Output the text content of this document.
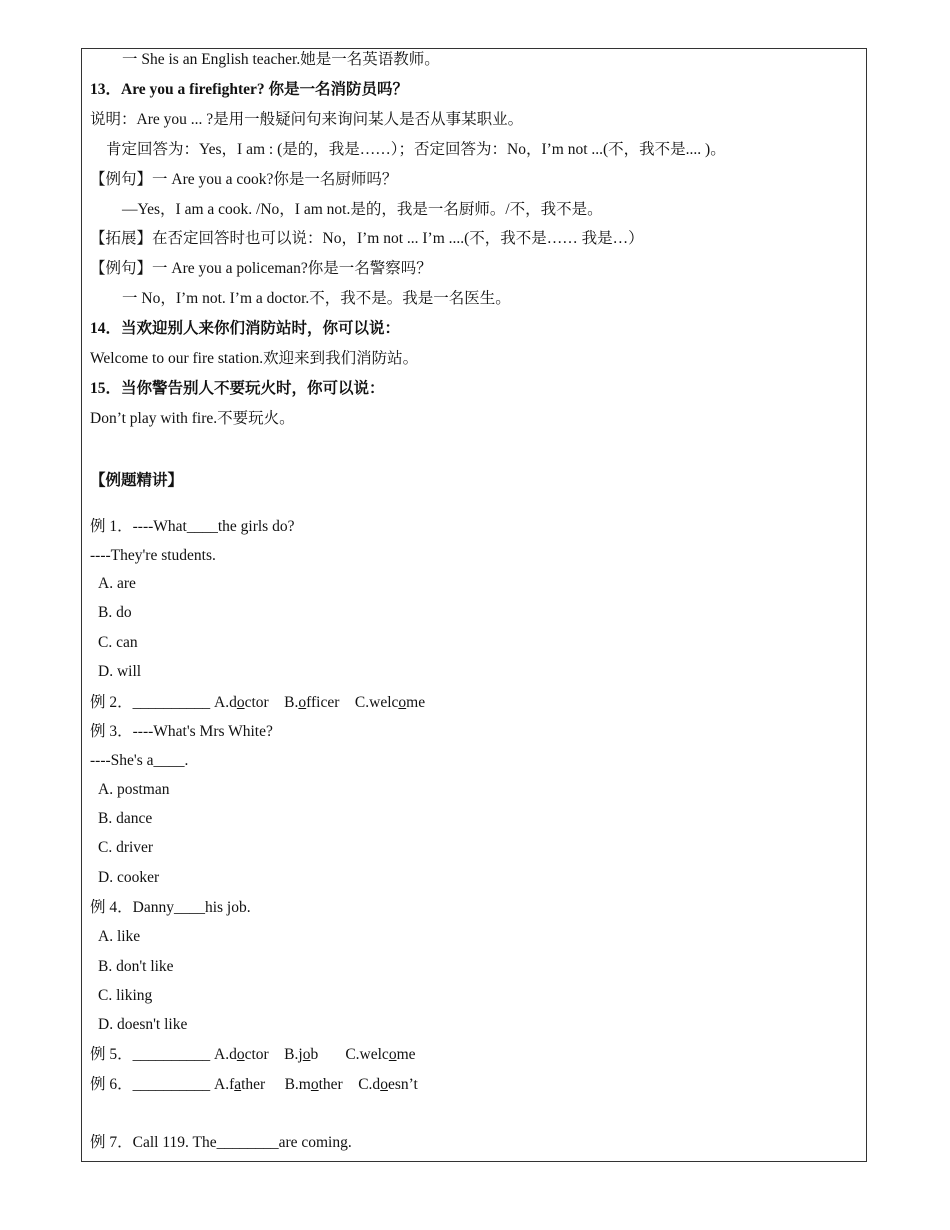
一 She is an English teacher.她是一名英语教师。
13．Are you a firefighter? 你是一名消防员吗？
说明：Are you ... ?是用一般疑问句来询问某人是否从事某职业。
肯定回答为：Yes，I am : (是的，我是……）；否定回答为：No，I’m not ...(不，我不是.... )。
【例句】一 Are you a cook?你是一名厨师吗？
—Yes，I am a cook. /No，I am not.是的，我是一名厨师。/不，我不是。
【拓展】在否定回答时也可以说：No，I’m not ... I’m ....(不，我不是…… 我是…）
【例句】一 Are you a policeman?你是一名警察吗？
一 No，I’m not. I’m a doctor.不，我不是。我是一名医生。
14．当欢迎别人来你们消防站时，你可以说：
Welcome to our fire station.欢迎来到我们消防站。
15．当你警告别人不要玩火时，你可以说：
Don’t play with fire.不要玩火。
【例题精讲】
例 1．----What____the girls do?
----They're students.
A. are
B. do
C. can
D. will
例 2．__________ A.doctor    B.officer    C.welcome
例 3．----What's Mrs White?
----She's a____.
A. postman
B. dance
C. driver
D. cooker
例 4．Danny____his job.
A. like
B. don't like
C. liking
D. doesn't like
例 5．__________ A.doctor    B.job       C.welcome
例 6．__________ A.father     B.mother    C.doesn’t
例 7．Call 119. The________are coming.
